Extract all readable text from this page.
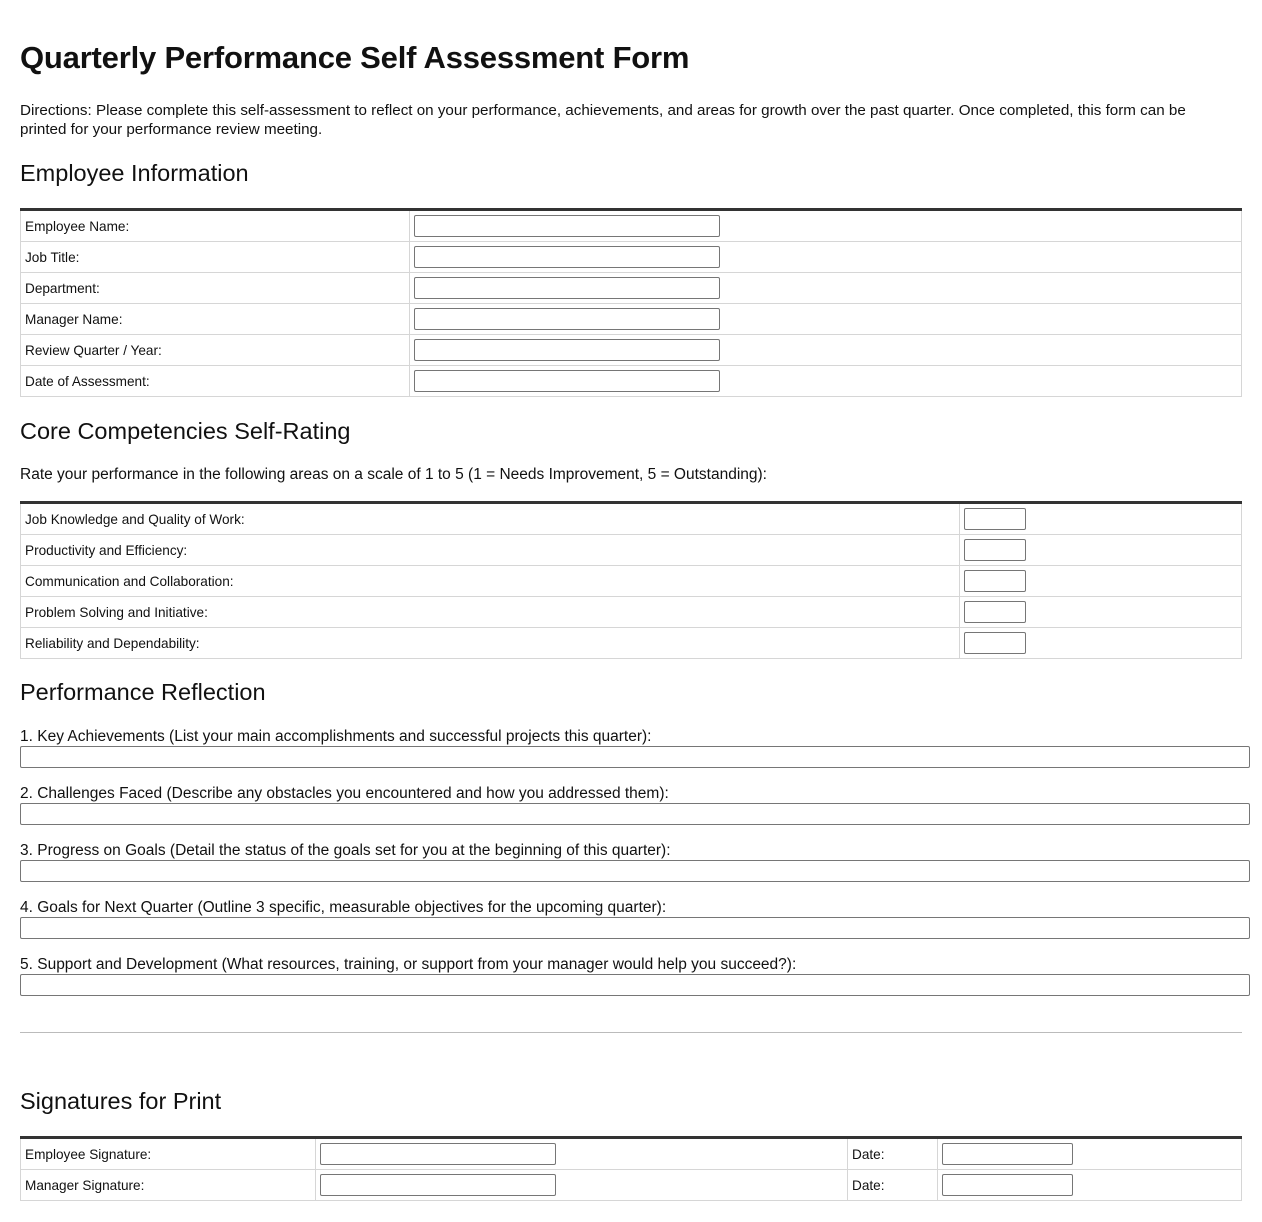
Quarterly Performance Self Assessment Form

Directions: Please complete this self-assessment to reflect on your performance, achievements, and areas for growth over the past quarter. Once completed, this form can be printed for your performance review meeting.

Employee Information
Employee Name:	

Job Title:	

Department:	

Manager Name:	

Review Quarter / Year:	

Date of Assessment:	
Core Competencies Self-Rating

Rate your performance in the following areas on a scale of 1 to 5 (1 = Needs Improvement, 5 = Outstanding):

Job Knowledge and Quality of Work:	

Productivity and Efficiency:	

Communication and Collaboration:	

Problem Solving and Initiative:	

Reliability and Dependability:	
Performance Reflection
1. Key Achievements (List your main accomplishments and successful projects this quarter):
2. Challenges Faced (Describe any obstacles you encountered and how you addressed them):
3. Progress on Goals (Detail the status of the goals set for you at the beginning of this quarter):
4. Goals for Next Quarter (Outline 3 specific, measurable objectives for the upcoming quarter):
5. Support and Development (What resources, training, or support from your manager would help you succeed?):
Signatures for Print
Employee Signature:		Date:	

Manager Signature:		Date:	
